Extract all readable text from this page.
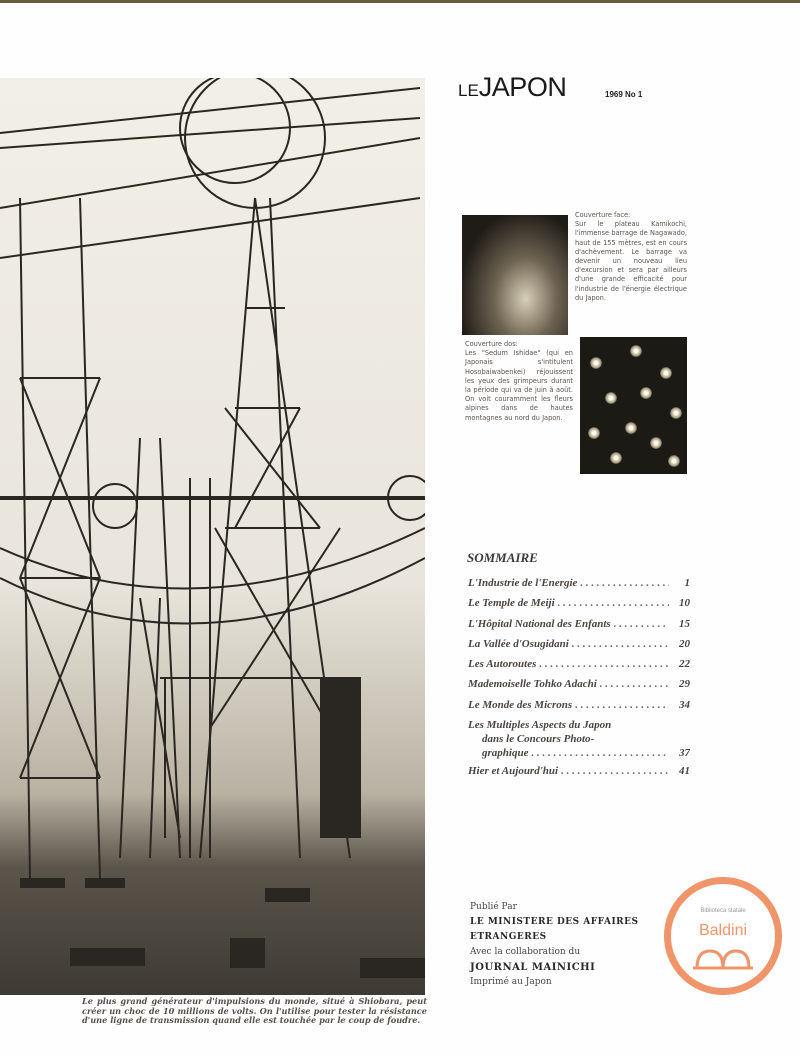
Le plus grand générateur d'impulsions du monde, situé à Shiobara, peut créer un choc de 10 millions de volts. On l'utilise pour tester la résistance d'une ligne de transmission quand elle est touchée par le coup de foudre.
LEJAPON	1969 No 1
Couverture face:
Sur le plateau Kamikochi, l'immense barrage de Nagawado, haut de 155 mètres, est en cours d'achèvement. Le barrage va devenir un nouveau lieu d'excursion et sera par ailleurs d'une grande efficacité pour l'industrie de l'énergie électrique du Japon.
Couverture dos:
Les "Sedum Ishidae" (qui en Japonais s'intitulent Hosobaiwabenkei) réjouissent les yeux des grimpeurs durant la période qui va de juin à août. On voit couramment les fleurs alpines dans de hautes montagnes au nord du Japon.
SOMMAIRE
L'Industrie de l'Energie . . .	1
Le Temple de Meiji . . .	10
L'Hôpital National des Enfants . . .	15
La Vallée d'Osugidani . . .	20
Les Autoroutes . . .	22
Mademoiselle Tohko Adachi . . .	29
Le Monde des Microns . . .	34
Les Multiples Aspects du Japon
dans le Concours Photo-
graphique . . .	37
Hier et Aujourd'hui . . .	41
Publié Par
LE MINISTERE DES AFFAIRES
ETRANGERES
Avec la collaboration du
JOURNAL MAINICHI
Imprimé au Japon
Biblioteca statale
Baldini
